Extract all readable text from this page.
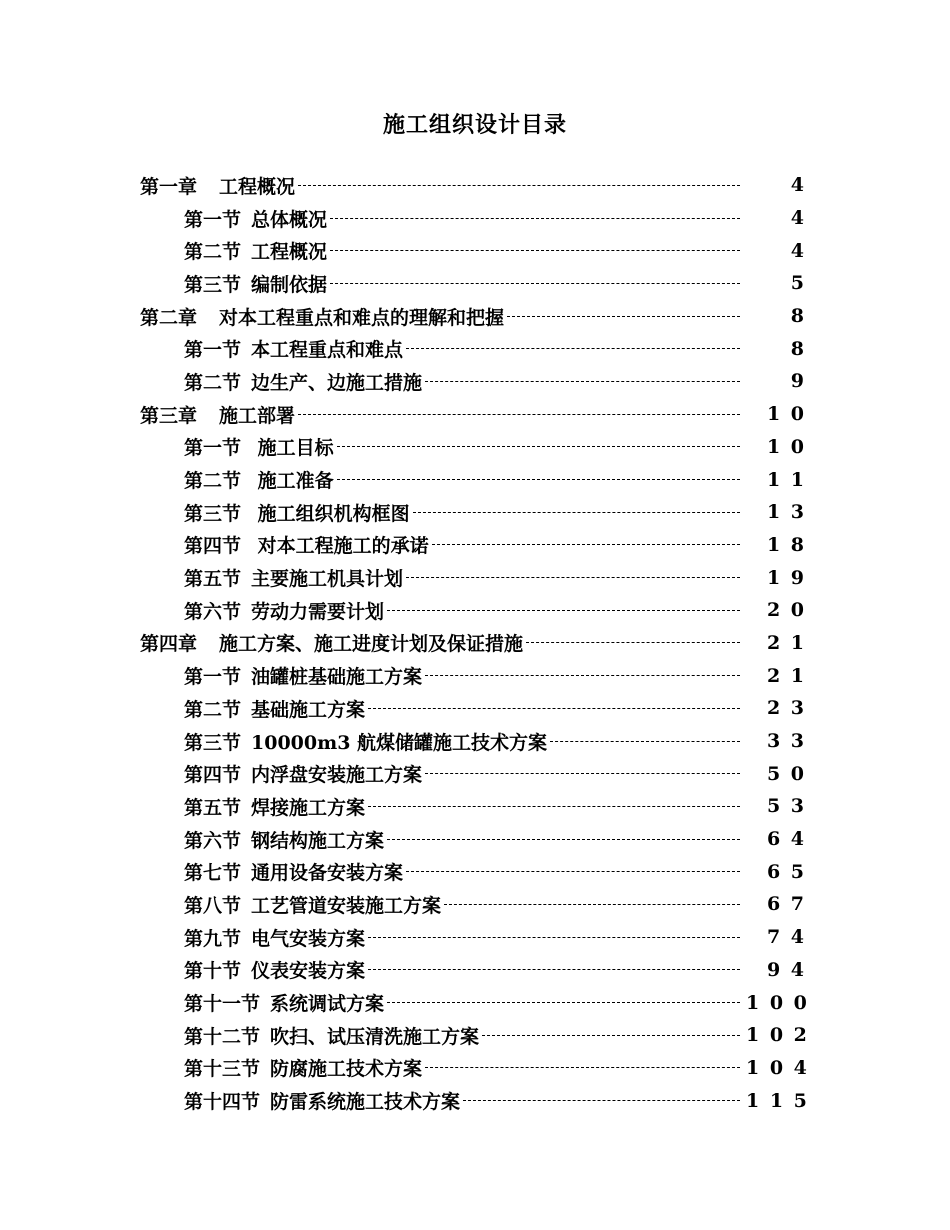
施工组织设计目录
第一章 工程概况	4
第一节 总体概况	4
第二节 工程概况	4
第三节 编制依据	5
第二章 对本工程重点和难点的理解和把握	8
第一节 本工程重点和难点	8
第二节 边生产、边施工措施	9
第三章 施工部署	1 0
第一节 施工目标	1 0
第二节 施工准备	1 1
第三节 施工组织机构框图	1 3
第四节 对本工程施工的承诺	1 8
第五节 主要施工机具计划	1 9
第六节 劳动力需要计划	2 0
第四章 施工方案、施工进度计划及保证措施	2 1
第一节 油罐桩基础施工方案	2 1
第二节 基础施工方案	2 3
第三节 10000m3 航煤储罐施工技术方案	3 3
第四节 内浮盘安装施工方案	5 0
第五节 焊接施工方案	5 3
第六节 钢结构施工方案	6 4
第七节 通用设备安装方案	6 5
第八节 工艺管道安装施工方案	6 7
第九节 电气安装方案	7 4
第十节 仪表安装方案	9 4
第十一节 系统调试方案	1 0 0
第十二节 吹扫、试压清洗施工方案	1 0 2
第十三节 防腐施工技术方案	1 0 4
第十四节 防雷系统施工技术方案	1 1 5
